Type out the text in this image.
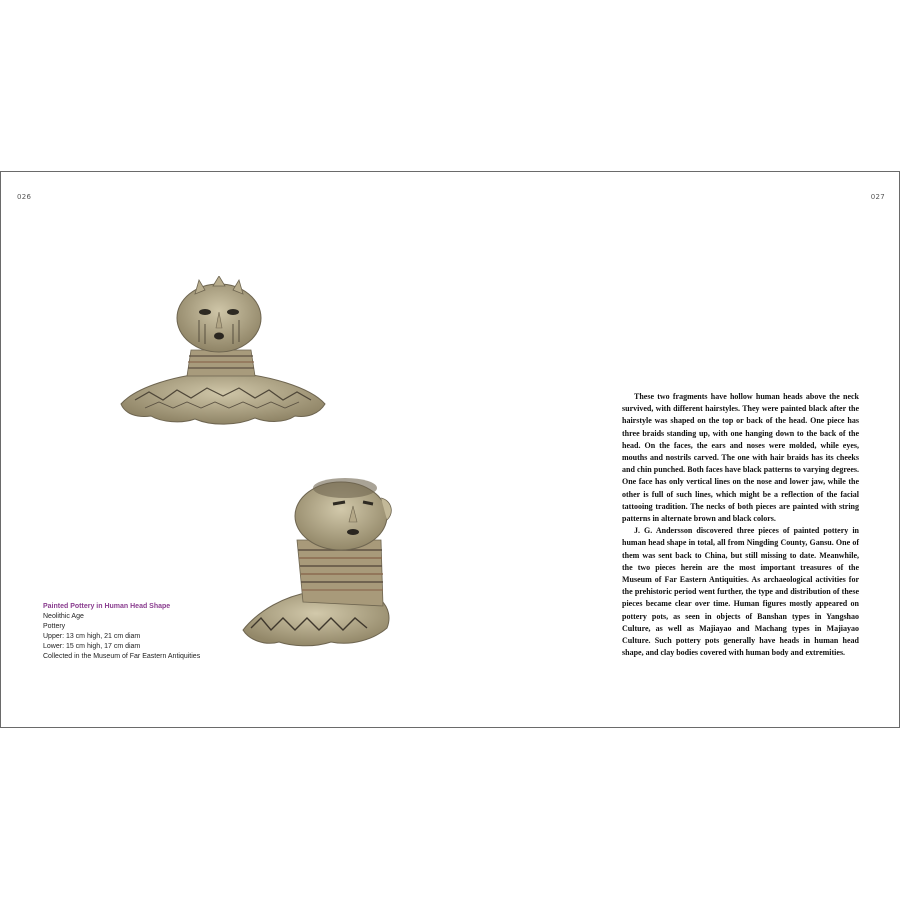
026	027
Painted Pottery in Human Head Shape
Neolithic Age
Pottery
Upper: 13 cm high, 21 cm diam
Lower: 15 cm high, 17 cm diam
Collected in the Museum of Far Eastern Antiquities

These two fragments have hollow human heads above the neck survived, with different hairstyles. They were painted black after the hairstyle was shaped on the top or back of the head. One piece has three braids standing up, with one hanging down to the back of the head. On the faces, the ears and noses were molded, while eyes, mouths and nostrils carved. The one with hair braids has its cheeks and chin punched. Both faces have black patterns to varying degrees. One face has only vertical lines on the nose and lower jaw, while the other is full of such lines, which might be a reflection of the facial tattooing tradition. The necks of both pieces are painted with string patterns in alternate brown and black colors.

J. G. Andersson discovered three pieces of painted pottery in human head shape in total, all from Ningding County, Gansu. One of them was sent back to China, but still missing to date. Meanwhile, the two pieces herein are the most important treasures of the Museum of Far Eastern Antiquities. As archaeological activities for the prehistoric period went further, the type and distribution of these pieces became clear over time. Human figures mostly appeared on pottery pots, as seen in objects of Banshan types in Yangshao Culture, as well as Majiayao and Machang types in Majiayao Culture. Such pottery pots generally have heads in human head shape, and clay bodies covered with human body and extremities.
